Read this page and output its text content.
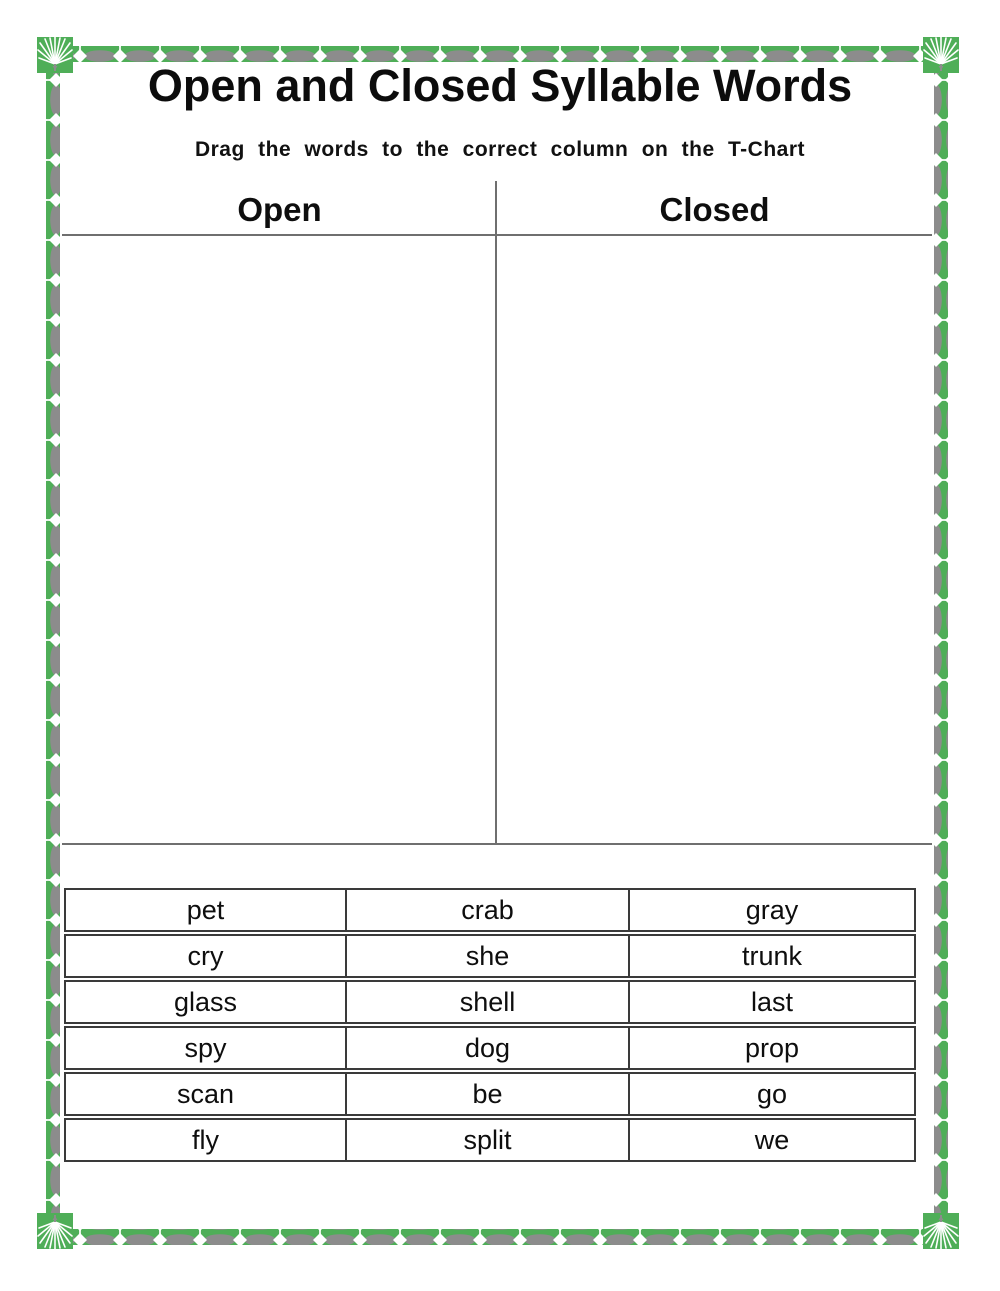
Open and Closed Syllable Words
Drag the words to the correct column on the T-Chart
Open	Closed
pet	crab	gray
cry	she	trunk
glass	shell	last
spy	dog	prop
scan	be	go
fly	split	we
